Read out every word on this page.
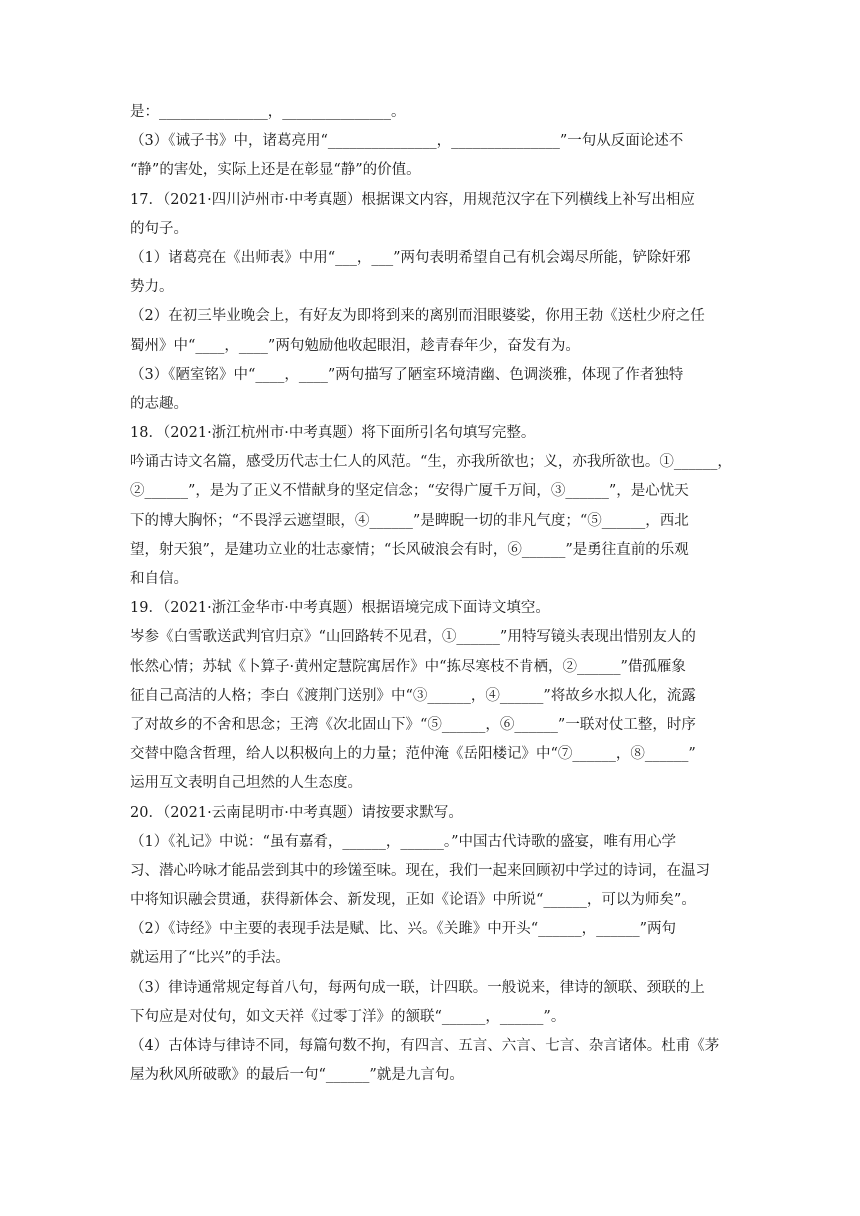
是：_______________，_______________。
（3）《诫子书》中，诸葛亮用“_______________，_______________”一句从反面论述不
“静”的害处，实际上还是在彰显“静”的价值。
17．（2021·四川泸州市·中考真题）根据课文内容，用规范汉字在下列横线上补写出相应
的句子。
（1）诸葛亮在《出师表》中用“___，___”两句表明希望自己有机会竭尽所能，铲除奸邪
势力。
（2）在初三毕业晚会上，有好友为即将到来的离别而泪眼婆娑，你用王勃《送杜少府之任
蜀州》中“____，____”两句勉励他收起眼泪，趁青春年少，奋发有为。
（3）《陋室铭》中“____，____”两句描写了陋室环境清幽、色调淡雅，体现了作者独特
的志趣。
18．（2021·浙江杭州市·中考真题）将下面所引名句填写完整。
吟诵古诗文名篇，感受历代志士仁人的风范。“生，亦我所欲也；义，亦我所欲也。①______，
②______”，是为了正义不惜献身的坚定信念；“安得广厦千万间，③______”，是心忧天
下的博大胸怀；“不畏浮云遮望眼，④______”是睥睨一切的非凡气度；“⑤______，西北
望，射天狼”，是建功立业的壮志豪情；“长风破浪会有时，⑥______”是勇往直前的乐观
和自信。
19．（2021·浙江金华市·中考真题）根据语境完成下面诗文填空。
岑参《白雪歌送武判官归京》“山回路转不见君，①______”用特写镜头表现出惜别友人的
怅然心情；苏轼《卜算子·黄州定慧院寓居作》中“拣尽寒枝不肯栖，②______”借孤雁象
征自己高洁的人格；李白《渡荆门送别》中“③______，④______”将故乡水拟人化，流露
了对故乡的不舍和思念；王湾《次北固山下》“⑤______，⑥______”一联对仗工整，时序
交替中隐含哲理，给人以积极向上的力量；范仲淹《岳阳楼记》中“⑦______，⑧______”
运用互文表明自己坦然的人生态度。
20．（2021·云南昆明市·中考真题）请按要求默写。
（1）《礼记》中说：“虽有嘉肴，______，______。”中国古代诗歌的盛宴，唯有用心学
习、潜心吟咏才能品尝到其中的珍馐至味。现在，我们一起来回顾初中学过的诗词，在温习
中将知识融会贯通，获得新体会、新发现，正如《论语》中所说“______，可以为师矣”。
（2）《诗经》中主要的表现手法是赋、比、兴。《关雎》中开头“______，______”两句
就运用了“比兴”的手法。
（3）律诗通常规定每首八句，每两句成一联，计四联。一般说来，律诗的颔联、颈联的上
下句应是对仗句，如文天祥《过零丁洋》的颔联“______，______”。
（4）古体诗与律诗不同，每篇句数不拘，有四言、五言、六言、七言、杂言诸体。杜甫《茅
屋为秋风所破歌》的最后一句“______”就是九言句。
